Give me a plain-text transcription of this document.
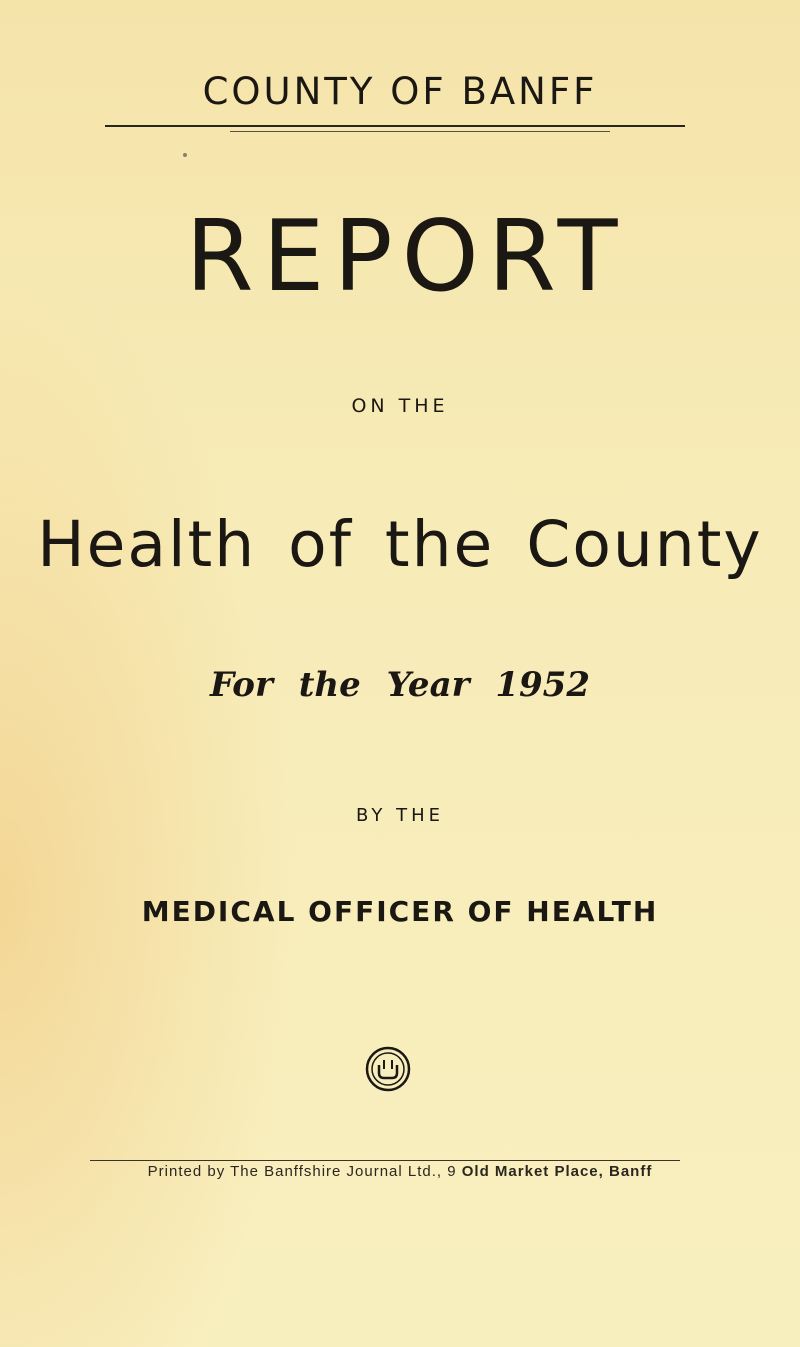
COUNTY OF BANFF
REPORT
ON THE
Health of the County
For the Year 1952
BY THE
MEDICAL OFFICER OF HEALTH
Printed by The Banffshire Journal Ltd., 9 Old Market Place, Banff
